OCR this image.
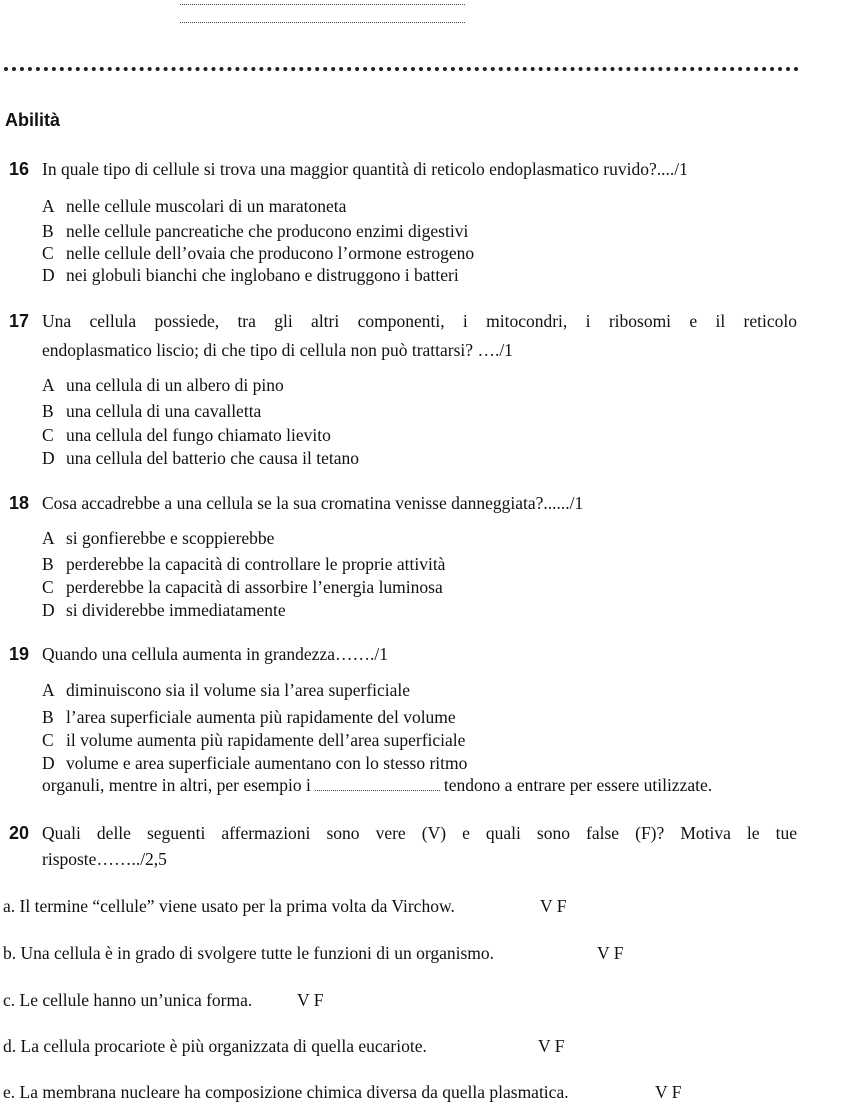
Abilità
16 In quale tipo di cellule si trova una maggior quantità di reticolo endoplasmatico ruvido?..../1
A nelle cellule muscolari di un maratoneta
B nelle cellule pancreatiche che producono enzimi digestivi
C nelle cellule dell’ovaia che producono l’ormone estrogeno
D nei globuli bianchi che inglobano e distruggono i batteri
17 Una cellula possiede, tra gli altri componenti, i mitocondri, i ribosomi e il reticolo
endoplasmatico liscio; di che tipo di cellula non può trattarsi? …./1
A una cellula di un albero di pino
B una cellula di una cavalletta
C una cellula del fungo chiamato lievito
D una cellula del batterio che causa il tetano
18 Cosa accadrebbe a una cellula se la sua cromatina venisse danneggiata?....../1
A si gonfierebbe e scoppierebbe
B perderebbe la capacità di controllare le proprie attività
C perderebbe la capacità di assorbire l’energia luminosa
D si dividerebbe immediatamente
19 Quando una cellula aumenta in grandezza……./1
A diminuiscono sia il volume sia l’area superficiale
B l’area superficiale aumenta più rapidamente del volume
C il volume aumenta più rapidamente dell’area superficiale
D volume e area superficiale aumentano con lo stesso ritmo
organuli, mentre in altri, per esempio i	tendono a entrare per essere utilizzate.
20 Quali delle seguenti affermazioni sono vere (V) e quali sono false (F)? Motiva le tue
risposte……../2,5
a. Il termine “cellule” viene usato per la prima volta da Virchow.	V F
b. Una cellula è in grado di svolgere tutte le funzioni di un organismo.	V F
c. Le cellule hanno un’unica forma.	V F
d. La cellula procariote è più organizzata di quella eucariote.	V F
e. La membrana nucleare ha composizione chimica diversa da quella plasmatica.	V F
